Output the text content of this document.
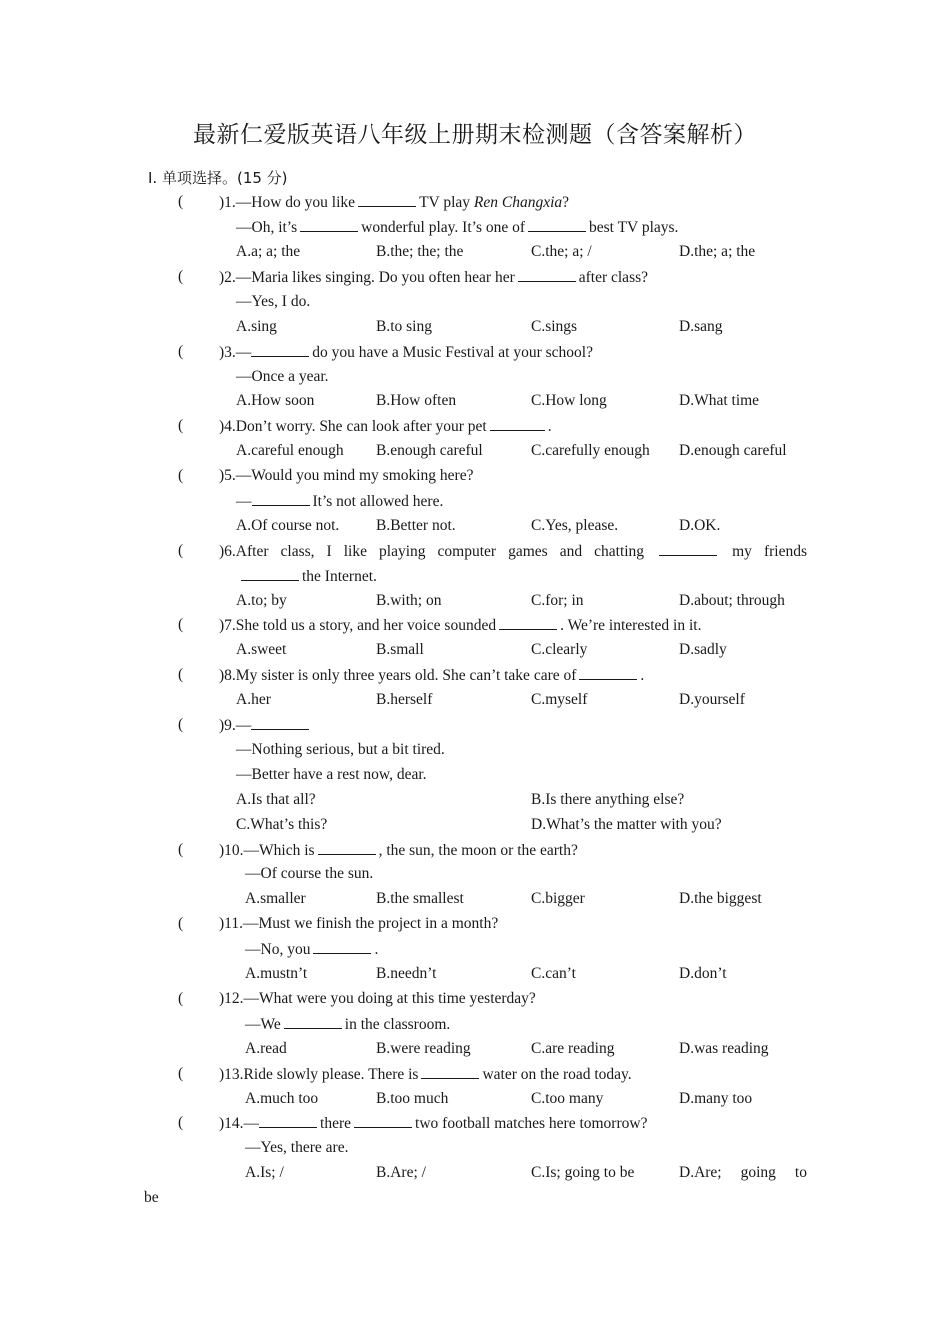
最新仁爱版英语八年级上册期末检测题（含答案解析）
Ⅰ. 单项选择。(15 分)
( )1.—How do you like	TV play Ren Changxia?
—Oh, it’s	wonderful play. It’s one of	best TV plays.
A.a; a; the	B.the; the; the	C.the; a; /	D.the; a; the
( )2.—Maria likes singing. Do you often hear her	after class?
—Yes, I do.
A.sing	B.to sing	C.sings	D.sang
( )3.—	do you have a Music Festival at your school?
—Once a year.
A.How soon	B.How often	C.How long	D.What time
( )4.Don’t worry. She can look after your pet	.
A.careful enough B.enough careful	C.carefully enough D.enough careful
( )5.—Would you mind my smoking here?
—	It’s not allowed here.
A.Of course not. B.Better not.	C.Yes, please.	D.OK.
( )6.After class, I like playing computer games and chatting	my friends
the Internet.
A.to; by	B.with; on	C.for; in	D.about; through
( )7.She told us a story, and her voice sounded	. We’re interested in it.
A.sweet	B.small	C.clearly	D.sadly
( )8.My sister is only three years old. She can’t take care of	.
A.her	B.herself	C.myself	D.yourself
( )9.—
—Nothing serious, but a bit tired.
—Better have a rest now, dear.
A.Is that all?	B.Is there anything else?
C.What’s this?	D.What’s the matter with you?
( )10.—Which is	, the sun, the moon or the earth?
—Of course the sun.
A.smaller	B.the smallest	C.bigger	D.the biggest
( )11.—Must we finish the project in a month?
—No, you	.
A.mustn’t	B.needn’t	C.can’t	D.don’t
( )12.—What were you doing at this time yesterday?
—We	in the classroom.
A.read	B.were reading	C.are reading	D.was reading
( )13.Ride slowly please. There is	water on the road today.
A.much too	B.too much	C.too many	D.many too
( )14.—	there	two football matches here tomorrow?
—Yes, there are.
A.Is; /	B.Are; /	C.Is; going to be	D.Are; going to
be
